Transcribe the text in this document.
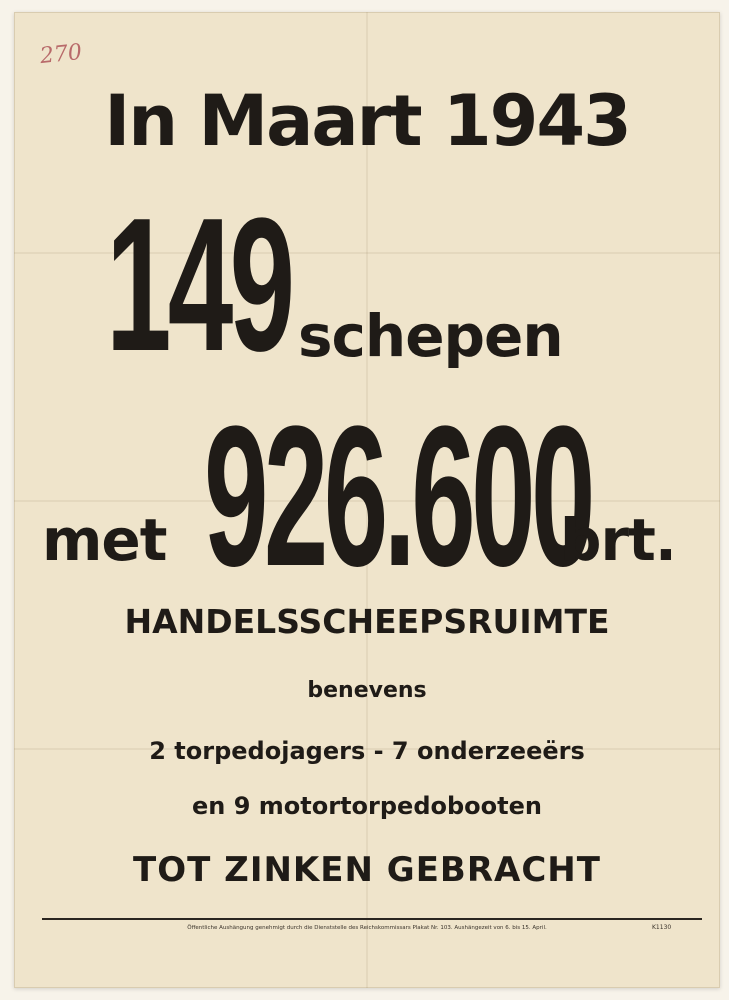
270
In Maart 1943
149 schepen
met 926.600
brt.
HANDELSSCHEEPSRUIMTE
benevens
2 torpedojagers - 7 onderzeeërs
en 9 motortorpedobooten
TOT ZINKEN GEBRACHT
Öffentliche Aushängung genehmigt durch die Dienststelle des Reichskommissars Plakat Nr. 103. Aushängezeit von 6. bis 15. April.	K1130
